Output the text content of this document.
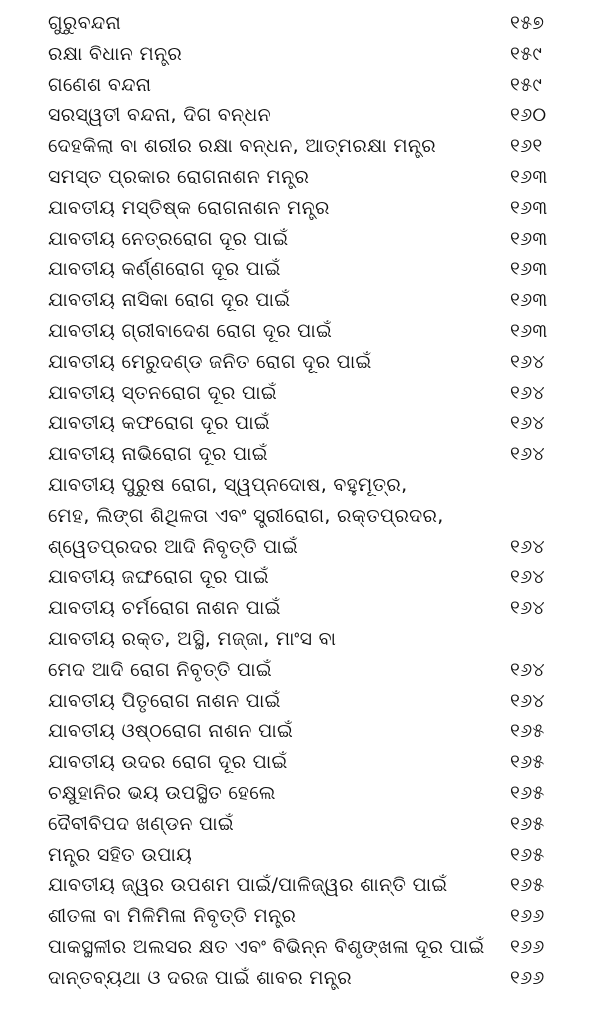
ଗୁରୁବନ୍ଦନା	୧୫୭
ରକ୍ଷା ବିଧାନ ମନ୍ତ୍ର	୧୫୯
ଗଣେଶ ବନ୍ଦନା	୧୫୯
ସରସ୍ୱତୀ ବନ୍ଦନା, ଦିଗ ବନ୍ଧନ	୧୬୦
ଦେହକିଲା ବା ଶରୀର ରକ୍ଷା ବନ୍ଧନ, ଆତ୍ମରକ୍ଷା ମନ୍ତ୍ର	୧୬୧
ସମସ୍ତ ପ୍ରକାର ରୋଗନାଶନ ମନ୍ତ୍ର	୧୬୩
ଯାବତୀୟ ମସ୍ତିଷ୍କ ରୋଗନାଶନ ମନ୍ତ୍ର	୧୬୩
ଯାବତୀୟ ନେତ୍ରରୋଗ ଦୂର ପାଇଁ	୧୬୩
ଯାବତୀୟ କର୍ଣ୍ଣରୋଗ ଦୂର ପାଇଁ	୧୬୩
ଯାବତୀୟ ନାସିକା ରୋଗ ଦୂର ପାଇଁ	୧୬୩
ଯାବତୀୟ ଗ୍ରୀବାଦେଶ ରୋଗ ଦୂର ପାଇଁ	୧୬୩
ଯାବତୀୟ ମେରୁଦଣ୍ଡ ଜନିତ ରୋଗ ଦୂର ପାଇଁ	୧୬୪
ଯାବତୀୟ ସ୍ତନରୋଗ ଦୂର ପାଇଁ	୧୬୪
ଯାବତୀୟ କଫରୋଗ ଦୂର ପାଇଁ	୧୬୪
ଯାବତୀୟ ନାଭିରୋଗ ଦୂର ପାଇଁ	୧୬୪
ଯାବତୀୟ ପୁରୁଷ ରୋଗ, ସ୍ୱପ୍ନଦୋଷ, ବହୁମୂତ୍ର,
ମେହ, ଲିଙ୍ଗ ଶିଥିଳତା ଏବଂ ସ୍ତ୍ରୀରୋଗ, ରକ୍ତପ୍ରଦର,
ଶ୍ୱେତପ୍ରଦର ଆଦି ନିବୃତ୍ତି ପାଇଁ	୧୬୪
ଯାବତୀୟ ଜଙ୍ଘରୋଗ ଦୂର ପାଇଁ	୧୬୪
ଯାବତୀୟ ଚର୍ମରୋଗ ନାଶନ ପାଇଁ	୧୬୪
ଯାବତୀୟ ରକ୍ତ, ଅସ୍ଥି, ମଜ୍ଜା, ମାଂସ ବା
ମେଦ ଆଦି ରୋଗ ନିବୃତ୍ତି ପାଇଁ	୧୬୪
ଯାବତୀୟ ପିତୃରୋଗ ନାଶନ ପାଇଁ	୧୬୪
ଯାବତୀୟ ଓଷ୍ଠରୋଗ ନାଶନ ପାଇଁ	୧୬୫
ଯାବତୀୟ ଉଦର ରୋଗ ଦୂର ପାଇଁ	୧୬୫
ଚକ୍ଷୁହାନିର ଭୟ ଉପସ୍ଥିତ ହେଲେ	୧୬୫
ଦୈବୀବିପଦ ଖଣ୍ଡନ ପାଇଁ	୧୬୫
ମନ୍ତ୍ର ସହିତ ଉପାୟ	୧୬୫
ଯାବତୀୟ ଜ୍ୱର ଉପଶମ ପାଇଁ/ପାଳିଜ୍ୱର ଶାନ୍ତି ପାଇଁ	୧୬୫
ଶୀତଳା ବା ମିଳିମିଳା ନିବୃତ୍ତି ମନ୍ତ୍ର	୧୬୬
ପାକସ୍ଥଳୀର ଅଲସର କ୍ଷତ ଏବଂ ବିଭିନ୍ନ ବିଶୃଙ୍ଖଳା ଦୂର ପାଇଁ ୧୬୬
ଦାନ୍ତବ୍ୟଥା ଓ ଦରଜ ପାଇଁ ଶାବର ମନ୍ତ୍ର	୧୬୬
